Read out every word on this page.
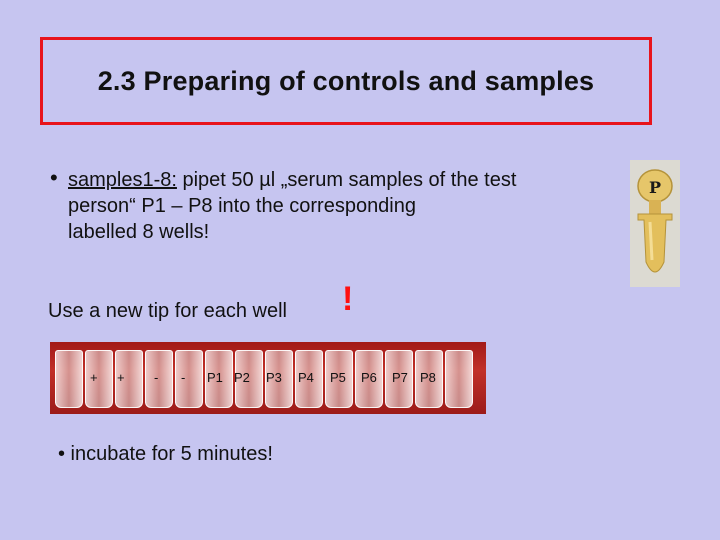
2.3 Preparing of controls and samples
• samples1-8: pipet 50 µl „serum samples of the test
person“ P1 – P8 into the corresponding
labelled 8 wells!
Use a new tip for each well !
P
+ + - - P1 P2 P3 P4 P5 P6 P7 P8
• incubate for 5 minutes!
